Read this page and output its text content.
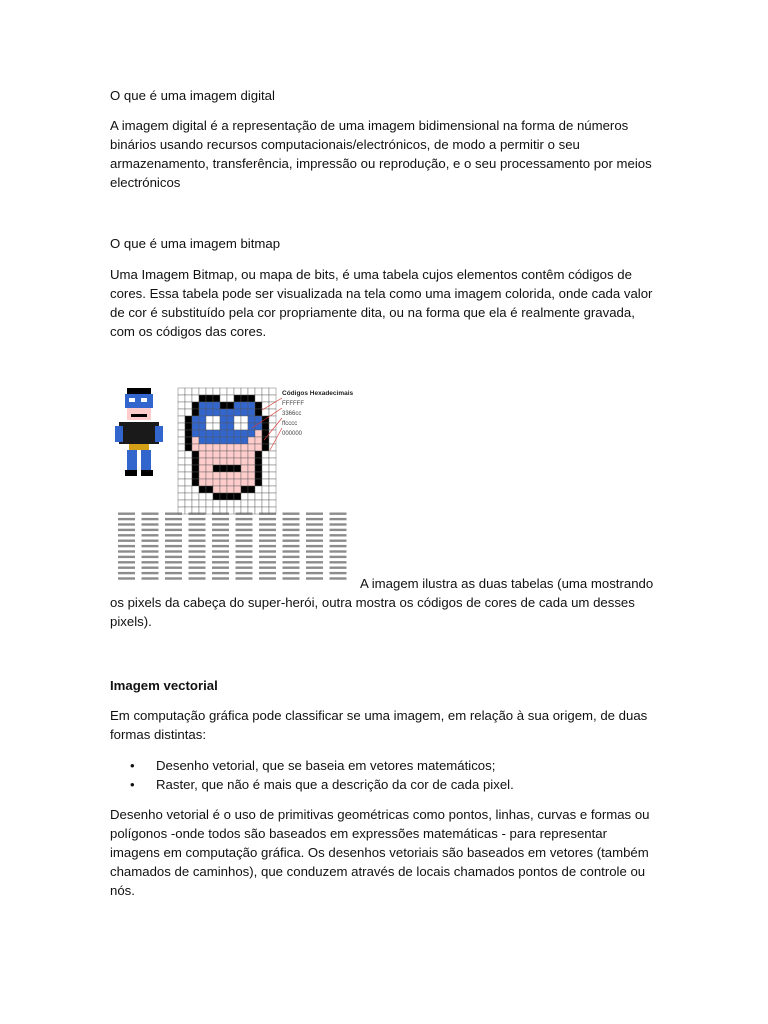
O que é uma imagem digital

A imagem digital é a representação de uma imagem bidimensional na forma de números binários usando recursos computacionais/electrónicos, de modo a permitir o seu armazenamento, transferência, impressão ou reprodução, e o seu processamento por meios electrónicos

O que é uma imagem bitmap

Uma Imagem Bitmap, ou mapa de bits, é uma tabela cujos elementos contêm códigos de cores. Essa tabela pode ser visualizada na tela como uma imagem colorida, onde cada valor de cor é substituído pela cor propriamente dita, ou na forma que ela é realmente gravada, com os códigos das cores.

Códigos Hexadecimais
FFFFFF
3366cc
ffcccc
000000

A imagem ilustra as duas tabelas (uma mostrando os pixels da cabeça do super-herói, outra mostra os códigos de cores de cada um desses pixels).

Imagem vectorial

Em computação gráfica pode classificar se uma imagem, em relação à sua origem, de duas formas distintas:

• Desenho vetorial, que se baseia em vetores matemáticos;
• Raster, que não é mais que a descrição da cor de cada pixel.

Desenho vetorial é o uso de primitivas geométricas como pontos, linhas, curvas e formas ou polígonos -onde todos são baseados em expressões matemáticas - para representar imagens em computação gráfica. Os desenhos vetoriais são baseados em vetores (também chamados de caminhos), que conduzem através de locais chamados pontos de controle ou nós.
